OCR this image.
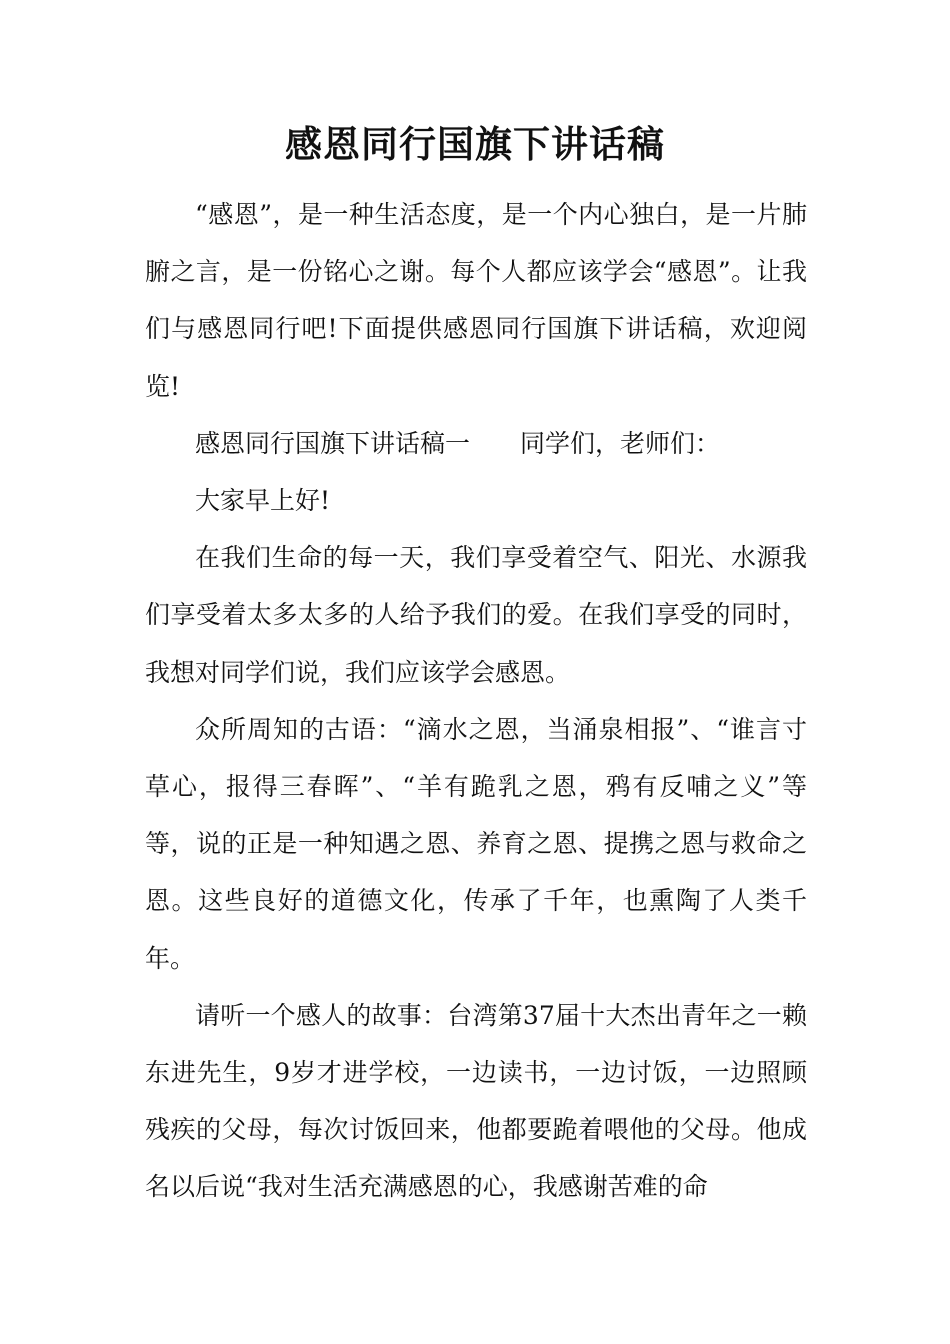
感恩同行国旗下讲话稿

“感恩”，是一种生活态度，是一个内心独白，是一片肺腑之言，是一份铭心之谢。每个人都应该学会“感恩”。让我们与感恩同行吧!下面提供感恩同行国旗下讲话稿，欢迎阅览!

感恩同行国旗下讲话稿一 同学们，老师们：

大家早上好!

在我们生命的每一天，我们享受着空气、阳光、水源我们享受着太多太多的人给予我们的爱。在我们享受的同时，我想对同学们说，我们应该学会感恩。

众所周知的古语：“滴水之恩，当涌泉相报”、“谁言寸草心，报得三春晖”、“羊有跪乳之恩，鸦有反哺之义”等等，说的正是一种知遇之恩、养育之恩、提携之恩与救命之恩。这些良好的道德文化，传承了千年，也熏陶了人类千年。

请听一个感人的故事：台湾第37届十大杰出青年之一赖东进先生，9岁才进学校，一边读书，一边讨饭，一边照顾残疾的父母，每次讨饭回来，他都要跪着喂他的父母。他成名以后说“我对生活充满感恩的心，我感谢苦难的命
